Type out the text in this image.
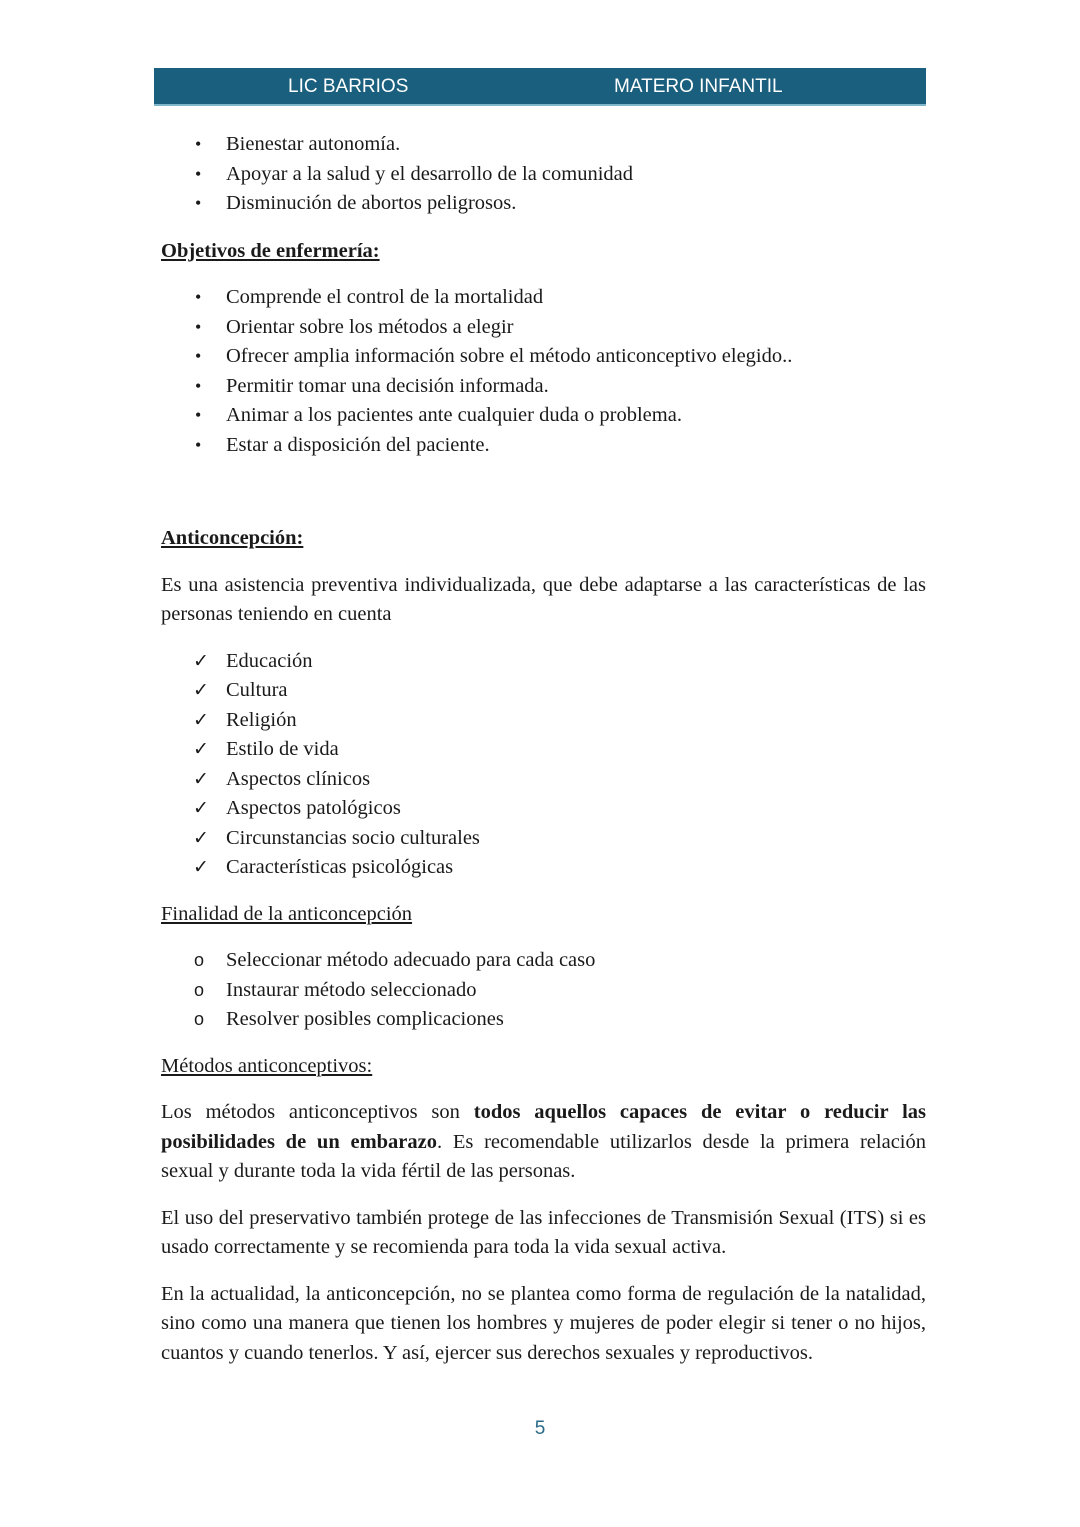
LIC BARRIOS	MATERO INFANTIL
• Bienestar autonomía.
• Apoyar a la salud y el desarrollo de la comunidad
• Disminución de abortos peligrosos.
Objetivos de enfermería:
• Comprende el control de la mortalidad
• Orientar sobre los métodos a elegir
• Ofrecer amplia información sobre el método anticonceptivo elegido..
• Permitir tomar una decisión informada.
• Animar a los pacientes ante cualquier duda o problema.
• Estar a disposición del paciente.
Anticoncepción:

Es una asistencia preventiva individualizada, que debe adaptarse a las características de las personas teniendo en cuenta

✓ Educación
✓ Cultura
✓ Religión
✓ Estilo de vida
✓ Aspectos clínicos
✓ Aspectos patológicos
✓ Circunstancias socio culturales
✓ Características psicológicas
Finalidad de la anticoncepción
o Seleccionar método adecuado para cada caso
o Instaurar método seleccionado
o Resolver posibles complicaciones
Métodos anticonceptivos:

Los métodos anticonceptivos son todos aquellos capaces de evitar o reducir las posibilidades de un embarazo. Es recomendable utilizarlos desde la primera relación sexual y durante toda la vida fértil de las personas.

El uso del preservativo también protege de las infecciones de Transmisión Sexual (ITS) si es usado correctamente y se recomienda para toda la vida sexual activa.

En la actualidad, la anticoncepción, no se plantea como forma de regulación de la natalidad, sino como una manera que tienen los hombres y mujeres de poder elegir si tener o no hijos, cuantos y cuando tenerlos. Y así, ejercer sus derechos sexuales y reproductivos.

5
